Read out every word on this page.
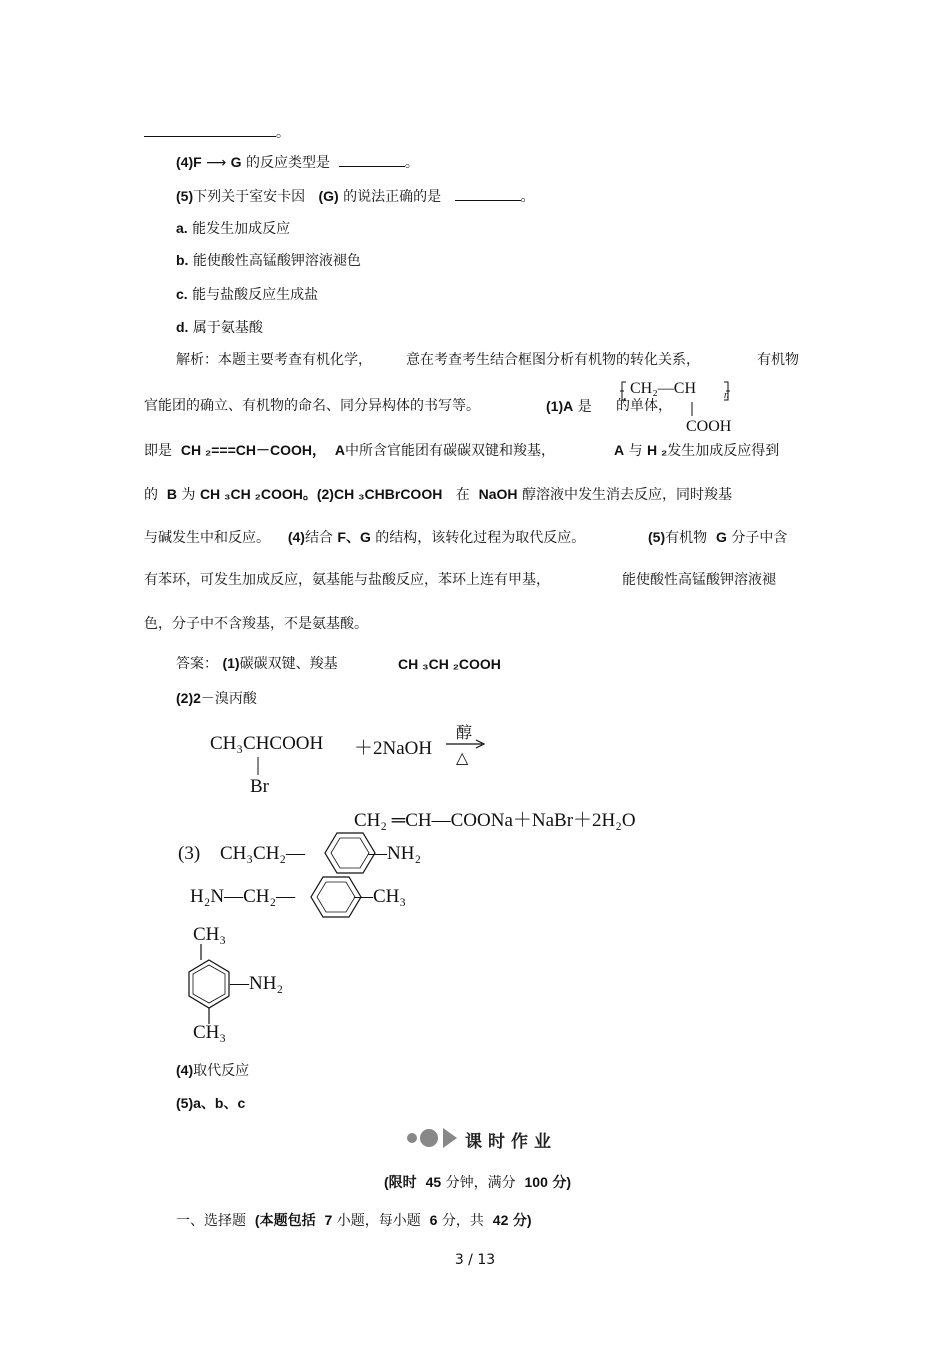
。
(4)F ⟶ G 的反应类型是	。
(5)下列关于室安卡因 (G) 的说法正确的是	。
a. 能发生加成反应
b. 能使酸性高锰酸钾溶液褪色
c. 能与盐酸反应生成盐
d. 属于氨基酸
解析：本题主要考查有机化学， 意在考查考生结合框图分析有机物的转化关系，	有机物
官能团的确立、有机物的命名、同分异构体的书写等。	(1)A 是 的单体，
CH₂—CH	n
COOH
即是 CH ₂===CH－COOH， A中所含官能团有碳碳双键和羧基，	A 与 H ₂发生加成反应得到
的 B 为 CH ₃CH ₂COOH。(2)CH ₃CHBrCOOH 在 NaOH 醇溶液中发生消去反应，同时羧基
与碱发生中和反应。 (4)结合 F、G 的结构，该转化过程为取代反应。	(5)有机物 G 分子中含
有苯环，可发生加成反应，氨基能与盐酸反应，苯环上连有甲基，	能使酸性高锰酸钾溶液褪
色，分子中不含羧基，不是氨基酸。
答案： (1)碳碳双键、羧基	CH ₃CH ₂COOH
(2)2－溴丙酸
CH₃CHCOOH ＋2NaOH
醇
△
Br
CH₂ ═CH—COONa＋NaBr＋2H₂O
(3) CH₃CH₂—	—NH₂
H₂N—CH₂—	—CH₃
CH₃
—NH₂
CH₃
(4)取代反应
(5)a、b、c
课时作业
(限时 45 分钟，满分 100 分)
一、选择题 (本题包括 7 小题，每小题 6 分，共 42 分)
3 / 13
